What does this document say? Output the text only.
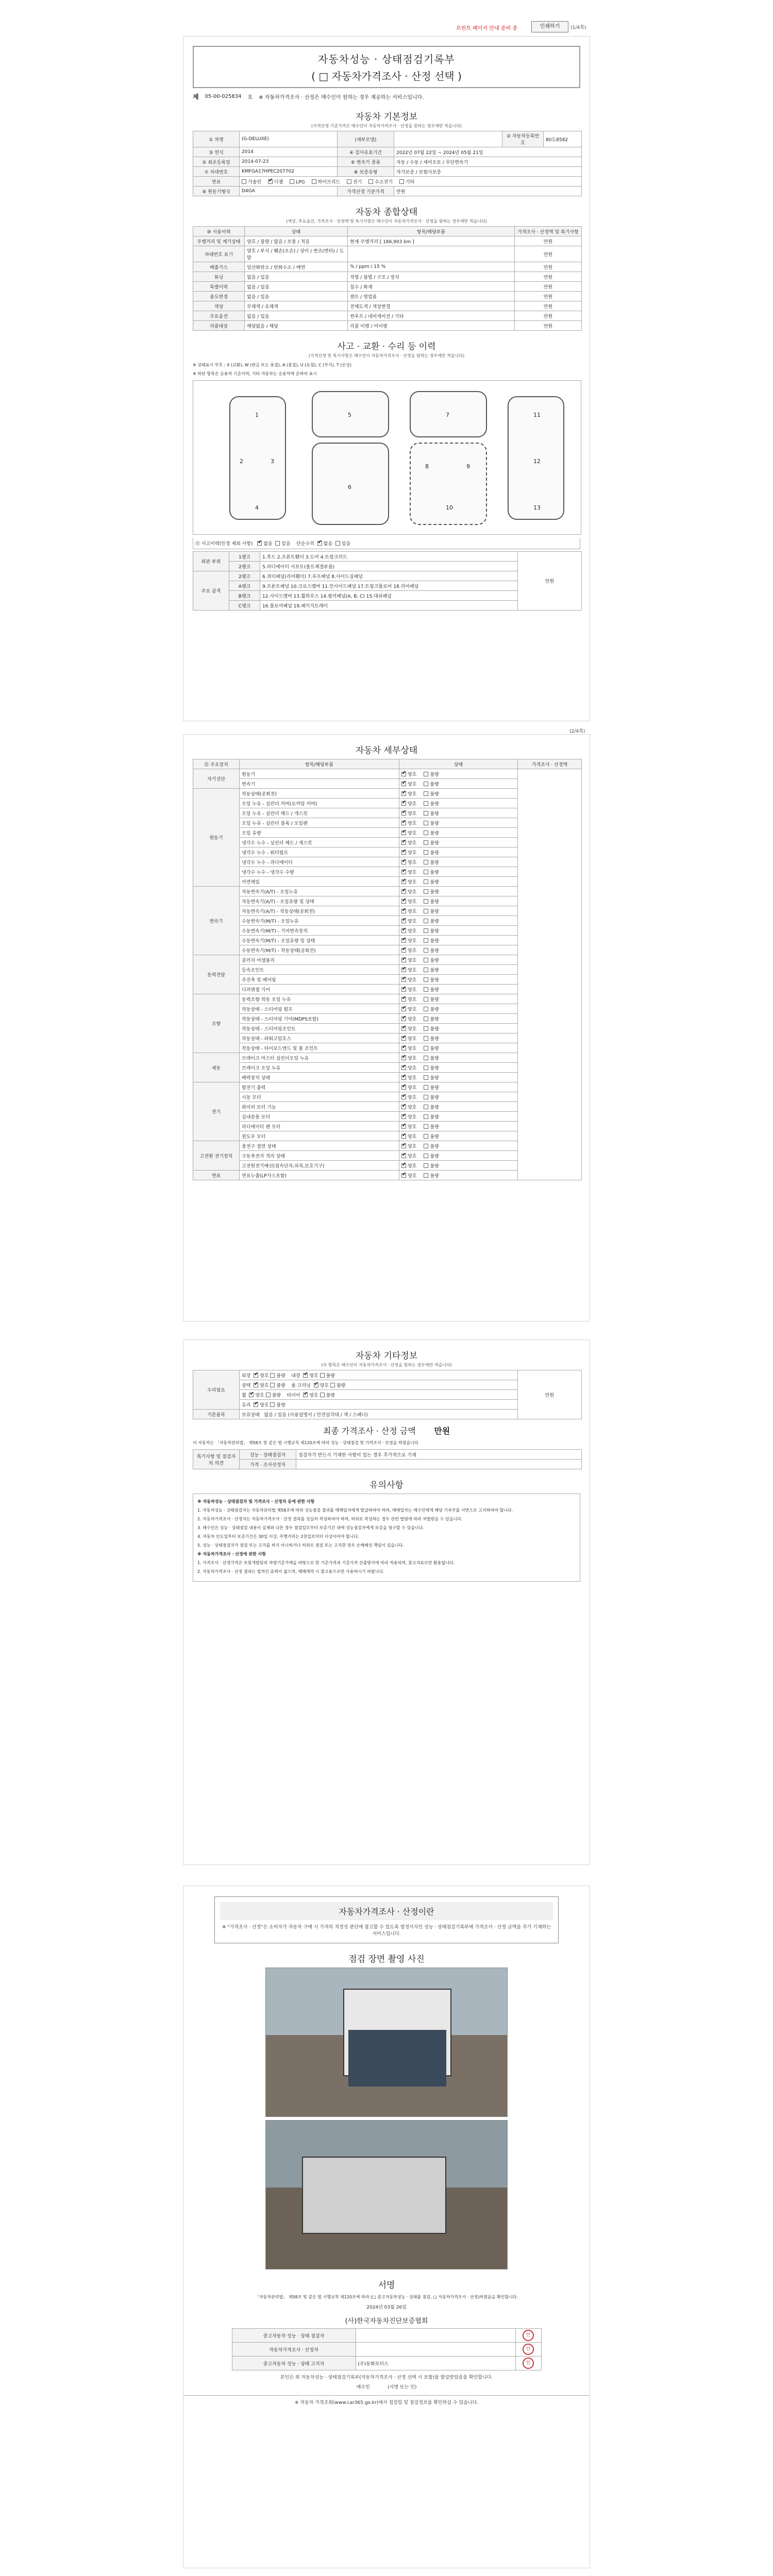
프린트 페이지 안내 준비 중	인쇄하기	(1/4쪽)
자동차성능 · 상태점검기록부
( □ 자동차가격조사 · 산정 선택 )
제 05-00-025834 호 ※ 자동차가격조사 · 산정은 매수인이 원하는 경우 제공하는 서비스입니다.
자동차 기본정보
(가격산정 기준가격은 매수인이 자동차가격조사 · 산정을 원하는 경우에만 적습니다)
① 차명	(G-DELUXE)	(세부모델)		② 자동차등록번호	80도8582
③ 연식	2014	④ 검사유효기간	2022년 07월 22일 ~ 2024년 05월 21일		
⑤ 최초등록일	2014-07-23	⑥ 변속기 종류	자동 / 수동 / 세미오토 / 무단변속기		
⑦ 차대번호	KMFGA17HPEC207702	⑧ 보증유형	자가보증 / 보험사보증		
연료	가솔린 ✔ 디젤 LPG 하이브리드 전기 수소전기 기타
⑨ 원동기형식	D4GA	가격산정 기준가격	만원		
자동차 종합상태
(색상, 주요옵션, 가격조사 · 산정액 및 특기사항은 매수인이 자동차가격조사 · 산정을 원하는 경우에만 적습니다)
⑩ 사용이력	상태	항목/해당부품	가격조사 · 산정액 및 특기사항
주행거리 및 계기상태	양호 / 불량 / 많음 / 보통 / 적음	현재 주행거리 [ 166,903 km ]	만원
차대번호 표기	양호 / 부식 / 훼손(오손) / 상이 / 변조(변타) / 도말		만원
배출가스	일산화탄소 / 탄화수소 / 매연	% / ppm / 15 %	만원
튜닝	없음 / 있음	적법 / 불법 / 구조 / 장치	만원
특별이력	없음 / 있음	침수 / 화재	만원
용도변경	없음 / 있음	렌트 / 영업용	만원
색상	무채색 / 유채색	전체도색 / 색상변경	만원
주요옵션	없음 / 있음	썬루프 / 네비게이션 / 기타	만원
리콜대상	해당없음 / 해당	리콜 이행 / 미이행	만원
사고 · 교환 · 수리 등 이력
(가격산정 및 특기사항은 매수인이 자동차가격조사 · 산정을 원하는 경우에만 적습니다)

※ 상태표시 부호 : X (교환), W (판금 또는 용접), A (흠집), U (요철), C (부식), T (손상)

※ 하단 항목은 승용차 기준이며, 기타 자동차는 승용차에 준하여 표시

1
2	3
4
5
6
7
8	9
10
11
12
13
⑪ 사고이력(인정 제외 사항) ✔ 없음 있음 단순수리 ✔ 없음 있음
외판 부위	1랭크	1.후드 2.프론트휀더 3.도어 4.트렁크리드	만원
	2랭크	5.라디에이터 서포트(볼트체결부품)	
주요 골격	2랭크	6.쿼터패널(리어휀더) 7.루프패널 8.사이드실패널	
	A랭크	9.프론트패널 10.크로스멤버 11.인사이드패널 17.트렁크플로어 18.리어패널	
	B랭크	12.사이드멤버 13.휠하우스 14.필러패널(A, B, C) 15.대쉬패널	
	C랭크	16.플로어패널 19.패키지트레이	
(2/4쪽)
자동차 세부상태
⑫ 주요장치	항목/해당부품	상태	가격조사 · 산정액
자기진단	원동기	✔양호 불량	
	변속기	✔양호 불량
원동기	작동상태(공회전)	✔양호 불량
	오일 누유 - 실린더 커버(로커암 커버)	✔양호 불량
	오일 누유 - 실린더 헤드 / 개스킷	✔양호 불량
	오일 누유 - 실린더 블록 / 오일팬	✔양호 불량
	오일 유량	✔양호 불량
	냉각수 누수 - 실린더 헤드 / 개스킷	✔양호 불량
	냉각수 누수 - 워터펌프	✔양호 불량
	냉각수 누수 - 라디에이터	✔양호 불량
	냉각수 누수 - 냉각수 수량	✔양호 불량
	커먼레일	✔양호 불량
변속기	자동변속기(A/T) - 오일누유	✔양호 불량
	자동변속기(A/T) - 오일유량 및 상태	✔양호 불량
	자동변속기(A/T) - 작동상태(공회전)	✔양호 불량
	수동변속기(M/T) - 오일누유	✔양호 불량
	수동변속기(M/T) - 기어변속장치	✔양호 불량
	수동변속기(M/T) - 오일유량 및 상태	✔양호 불량
	수동변속기(M/T) - 작동상태(공회전)	✔양호 불량
동력전달	클러치 어셈블리	✔양호 불량
	등속조인트	✔양호 불량
	추진축 및 베어링	✔양호 불량
	디퍼렌셜 기어	✔양호 불량
조향	동력조향 작동 오일 누유	✔양호 불량
	작동상태 - 스티어링 펌프	✔양호 불량
	작동상태 - 스티어링 기어(MDPS포함)	✔양호 불량
	작동상태 - 스티어링조인트	✔양호 불량
	작동상태 - 파워고압호스	✔양호 불량
	작동상태 - 타이로드엔드 및 볼 조인트	✔양호 불량
제동	브레이크 마스터 실린더오일 누유	✔양호 불량
	브레이크 오일 누유	✔양호 불량
	배력장치 상태	✔양호 불량
전기	발전기 출력	✔양호 불량
	시동 모터	✔양호 불량
	와이퍼 모터 기능	✔양호 불량
	실내송풍 모터	✔양호 불량
	라디에이터 팬 모터	✔양호 불량
	윈도우 모터	✔양호 불량
고전원 전기장치	충전구 절연 상태	✔양호 불량
	구동축전지 격리 상태	✔양호 불량
	고전원전기배선(접속단자,피복,보호기구)	✔양호 불량
연료	연료누출(LP가스포함)	✔양호 불량
자동차 기타정보
(⑭ 항목은 매수인이 자동차가격조사 · 산정을 원하는 경우에만 적습니다)
수리필요	외장 ✔ 양호 불량    내장 ✔ 양호 불량	만원
	광택 ✔ 양호 불량    룸 크리닝 ✔ 양호 불량
	휠 ✔ 양호 불량    타이어 ✔ 양호 불량
	유리 ✔ 양호 불량
기본품목	보유상태 없음 / 있음 (사용설명서 / 안전삼각대 / 잭 / 스패너)	
최종 가격조사 · 산정 금액 만원
이 자동차는 「자동차관리법」 제58조 및 같은 법 시행규칙 제120조에 따라 성능 · 상태점검 및 가격조사 · 산정을 하였습니다.
특기사항 및 점검자의 의견	성능 · 상태점검자	점검자가 반드시 기재한 사항이 있는 경우 추가적으로 기재
	가격 · 조사산정자	
유의사항

※ 자동차성능 · 상태점검자 및 가격조사 · 산정자 등에 관한 사항

1. 자동차성능 · 상태점검자는 자동차관리법 제58조에 따라 성능점검 결과를 매매업자에게 발급하여야 하며, 매매업자는 매수인에게 해당 기록부를 서면으로 고지하여야 합니다.

2. 자동차가격조사 · 산정자는 자동차가격조사 · 산정 결과를 성실히 작성하여야 하며, 허위로 작성하는 경우 관련 법령에 따라 처벌받을 수 있습니다.

3. 매수인은 성능 · 상태점검 내용이 실제와 다른 경우 점검일로부터 보증기간 내에 성능점검자에게 보증을 청구할 수 있습니다.

4. 자동차 인도일부터 보증기간은 30일 이상, 주행거리는 2천킬로미터 이상이어야 합니다.

5. 성능 · 상태점검자가 점검 또는 고지를 하지 아니하거나 허위로 점검 또는 고지한 경우 손해배상 책임이 있습니다.

※ 자동차가격조사 · 산정에 관한 사항

1. 가격조사 · 산정가격은 보험개발원의 차량기준가액을 바탕으로 한 기준가격과 기준가격 산출방식에 따라 적용되며, 참고자료로만 활용됩니다.

2. 자동차가격조사 · 산정 결과는 법적인 효력이 없으며, 매매계약 시 참고용으로만 사용하시기 바랍니다.

자동차가격조사 · 산정이란

※ "가격조사 · 산정"은 소비자가 자동차 구매 시 가격의 적정성 판단에 참고할 수 있도록 법정서식인 성능 · 상태점검기록부에 가격조사 · 산정 금액을 추가 기재하는 서비스입니다.

점검 장면 촬영 사진
서명
「자동차관리법」 제58조 및 같은 법 시행규칙 제120조에 따라 (□ 중고자동차성능 · 상태를 점검, □ 자동차가격조사 · 산정)하였음을 확인합니다.
2024년 03월 26일
(사)한국자동차진단보증협회
중고자동차 성능 · 상태 점검자		인
자동차가격조사 · 산정자		인
중고자동차 성능 · 상태 고지자	(주)동화모터스	인
본인은 위 자동차성능 · 상태점검기록부(자동차가격조사 · 산정 선택 시 포함)를 발급받았음을 확인합니다.
매수인	(서명 또는 인)
※ 자동차 가격조회(www.car365.go.kr)에서 점검일 및 점검정보를 확인하실 수 있습니다.
